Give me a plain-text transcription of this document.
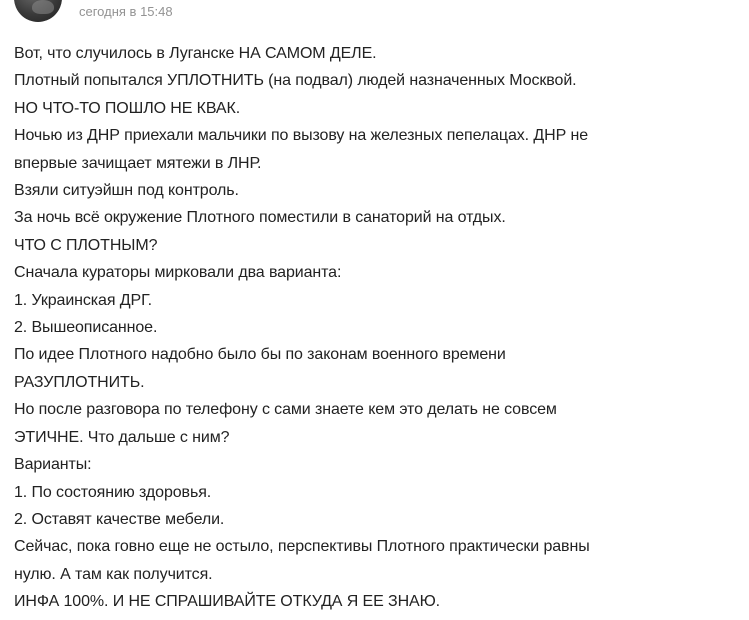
сегодня в 15:48
Вот, что случилось в Луганске НА САМОМ ДЕЛЕ.
Плотный попытался УПЛОТНИТЬ (на подвал) людей назначенных Москвой.
НО ЧТО-ТО ПОШЛО НЕ КВАК.
Ночью из ДНР приехали мальчики по вызову на железных пепелацах. ДНР не
впервые зачищает мятежи в ЛНР.
Взяли ситуэйшн под контроль.
За ночь всё окружение Плотного поместили в санаторий на отдых.
ЧТО С ПЛОТНЫМ?
Сначала кураторы мирковали два варианта:
1. Украинская ДРГ.
2. Вышеописанное.
По идее Плотного надобно было бы по законам военного времени
РАЗУПЛОТНИТЬ.
Но после разговора по телефону с сами знаете кем это делать не совсем
ЭТИЧНЕ. Что дальше с ним?
Варианты:
1. По состоянию здоровья.
2. Оставят качестве мебели.
Сейчас, пока говно еще не остыло, перспективы Плотного практически равны
нулю. А там как получится.
ИНФА 100%. И НЕ СПРАШИВАЙТЕ ОТКУДА Я ЕЕ ЗНАЮ.
